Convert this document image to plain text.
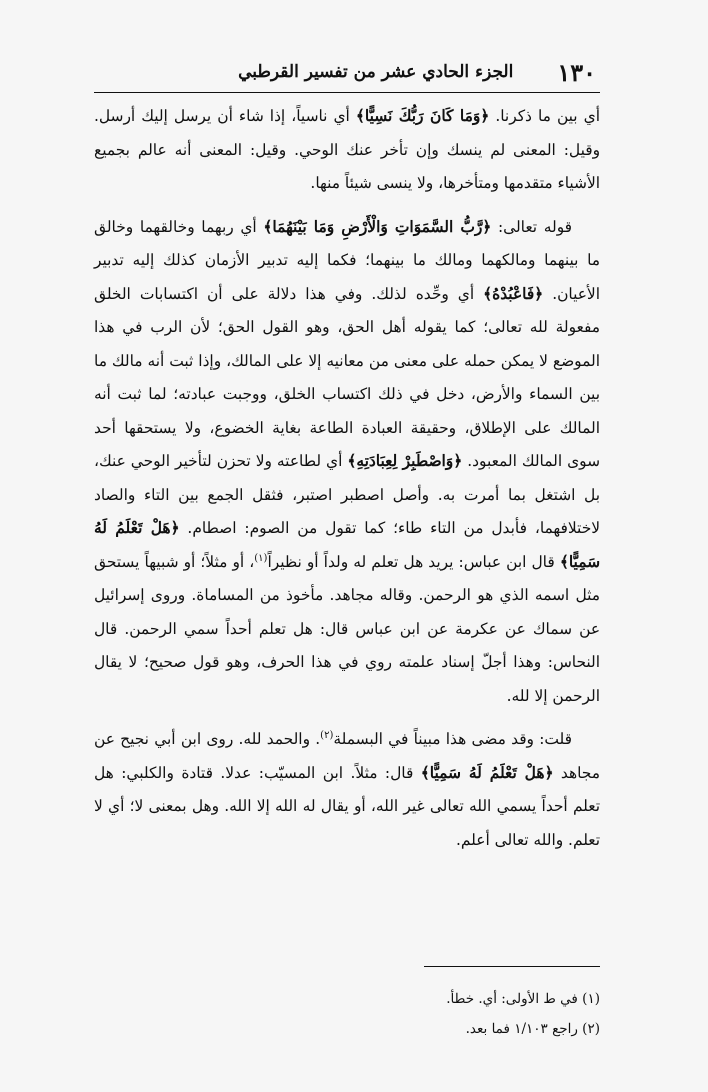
١٣٠
الجزء الحادي عشر من تفسير القرطبي

أي بين ما ذكرنا. ﴿وَمَا كَانَ رَبُّكَ نَسِيًّا﴾ أي ناسياً، إذا شاء أن يرسل إليك أرسل. وقيل: المعنى لم ينسك وإن تأخر عنك الوحي. وقيل: المعنى أنه عالم بجميع الأشياء متقدمها ومتأخرها، ولا ينسى شيئاً منها.

قوله تعالى: ﴿رَّبُّ السَّمَوَاتِ وَالْأَرْضِ وَمَا بَيْنَهُمَا﴾ أي ربهما وخالقهما وخالق ما بينهما ومالكهما ومالك ما بينهما؛ فكما إليه تدبير الأزمان كذلك إليه تدبير الأعيان. ﴿فَاعْبُدْهُ﴾ أي وحِّده لذلك. وفي هذا دلالة على أن اكتسابات الخلق مفعولة لله تعالى؛ كما يقوله أهل الحق، وهو القول الحق؛ لأن الرب في هذا الموضع لا يمكن حمله على معنى من معانيه إلا على المالك، وإذا ثبت أنه مالك ما بين السماء والأرض، دخل في ذلك اكتساب الخلق، ووجبت عبادته؛ لما ثبت أنه المالك على الإطلاق، وحقيقة العبادة الطاعة بغاية الخضوع، ولا يستحقها أحد سوى المالك المعبود. ﴿وَاصْطَبِرْ لِعِبَادَتِهِ﴾ أي لطاعته ولا تحزن لتأخير الوحي عنك، بل اشتغل بما أمرت به. وأصل اصطبر اصتبر، فثقل الجمع بين التاء والصاد لاختلافهما، فأبدل من التاء طاء؛ كما تقول من الصوم: اصطام. ﴿هَلْ تَعْلَمُ لَهُ سَمِيًّا﴾ قال ابن عباس: يريد هل تعلم له ولداً أو نظيراً$^{(١)}$، أو مثلاً؛ أو شبيهاً يستحق مثل اسمه الذي هو الرحمن. وقاله مجاهد. مأخوذ من المساماة. وروى إسرائيل عن سماك عن عكرمة عن ابن عباس قال: هل تعلم أحداً سمي الرحمن. قال النحاس: وهذا أجلّ إسناد علمته روي في هذا الحرف، وهو قول صحيح؛ لا يقال الرحمن إلا لله.

قلت: وقد مضى هذا مبيناً في البسملة$^{(٢)}$. والحمد لله. روى ابن أبي نجيح عن مجاهد ﴿هَلْ تَعْلَمُ لَهُ سَمِيًّا﴾ قال: مثلاً. ابن المسيّب: عدلا. قتادة والكلبي: هل تعلم أحداً يسمي الله تعالى غير الله، أو يقال له الله إلا الله. وهل بمعنى لا؛ أي لا تعلم. والله تعالى أعلم.

(١) في ط الأولى: أي. خطأ.

(٢) راجع ١/١٠٣ فما بعد.
